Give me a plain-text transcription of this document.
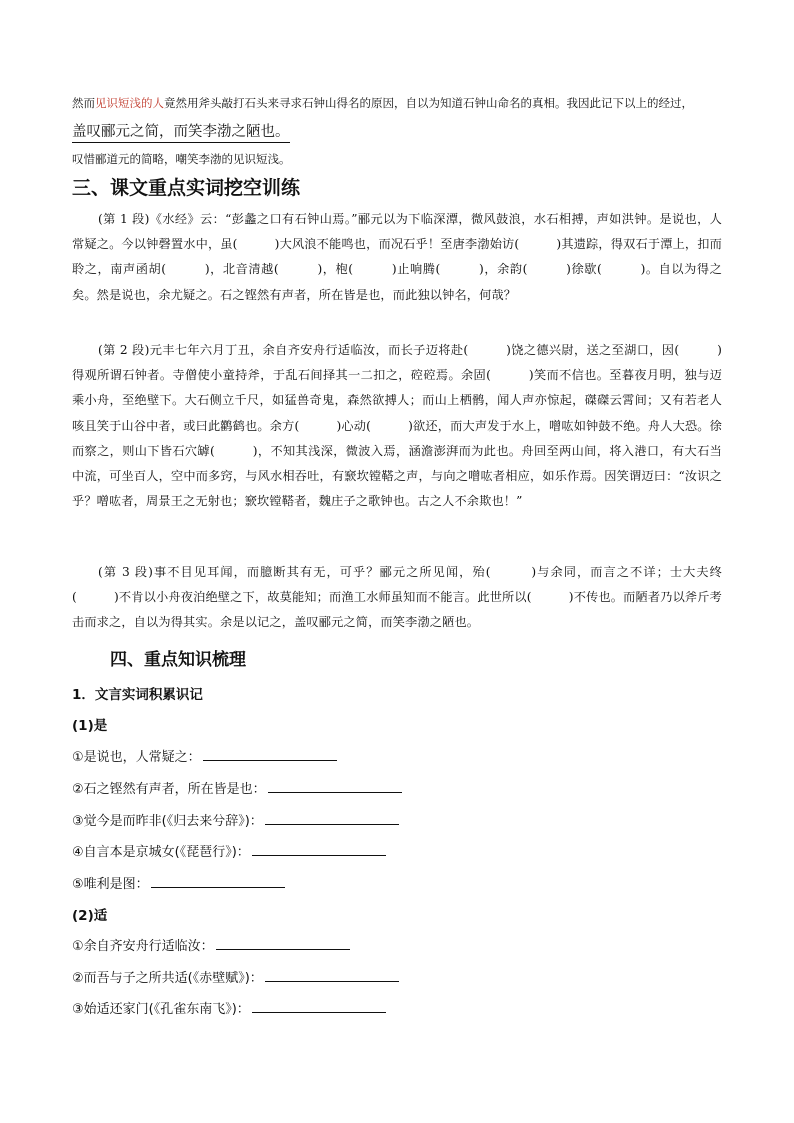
然而见识短浅的人竟然用斧头敲打石头来寻求石钟山得名的原因，自以为知道石钟山命名的真相。我因此记下以上的经过，
盖叹郦元之简，而笑李渤之陋也。
叹惜郦道元的简略，嘲笑李渤的见识短浅。
三、课文重点实词挖空训练
(第 1 段)《水经》云：“彭蠡之口有石钟山焉。”郦元以为下临深潭，微风鼓浪，水石相搏，声如洪钟。是说也，人常疑之。今以钟磬置水中，虽(　　　)大风浪不能鸣也，而况石乎！至唐李渤始访(　　　)其遗踪，得双石于潭上，扣而聆之，南声函胡(　　　)，北音清越(　　　)，枹(　　　)止响腾(　　　)，余韵(　　　)徐歇(　　　)。自以为得之矣。然是说也，余尤疑之。石之铿然有声者，所在皆是也，而此独以钟名，何哉？
(第 2 段)元丰七年六月丁丑，余自齐安舟行适临汝，而长子迈将赴(　　　)饶之德兴尉，送之至湖口，因(　　　)得观所谓石钟者。寺僧使小童持斧，于乱石间择其一二扣之，硿硿焉。余固(　　　)笑而不信也。至暮夜月明，独与迈乘小舟，至绝壁下。大石侧立千尺，如猛兽奇鬼，森然欲搏人；而山上栖鹘，闻人声亦惊起，磔磔云霄间；又有若老人咳且笑于山谷中者，或曰此鹳鹤也。余方(　　　)心动(　　　)欲还，而大声发于水上，噌吰如钟鼓不绝。舟人大恐。徐而察之，则山下皆石穴罅(　　　)，不知其浅深，微波入焉，涵澹澎湃而为此也。舟回至两山间，将入港口，有大石当中流，可坐百人，空中而多窍，与风水相吞吐，有窾坎镗鞳之声，与向之噌吰者相应，如乐作焉。因笑谓迈曰：“汝识之乎？噌吰者，周景王之无射也；窾坎镗鞳者，魏庄子之歌钟也。古之人不余欺也！”
(第 3 段)事不目见耳闻，而臆断其有无，可乎？郦元之所见闻，殆(　　　)与余同，而言之不详；士大夫终(　　　)不肯以小舟夜泊绝壁之下，故莫能知；而渔工水师虽知而不能言。此世所以(　　　)不传也。而陋者乃以斧斤考击而求之，自以为得其实。余是以记之，盖叹郦元之简，而笑李渤之陋也。
四、重点知识梳理
1．文言实词积累识记
(1)是
①是说也，人常疑之：
②石之铿然有声者，所在皆是也：
③觉今是而昨非(《归去来兮辞》)：
④自言本是京城女(《琵琶行》)：
⑤唯利是图：
(2)适
①余自齐安舟行适临汝：
②而吾与子之所共适(《赤壁赋》)：
③始适还家门(《孔雀东南飞》)：
